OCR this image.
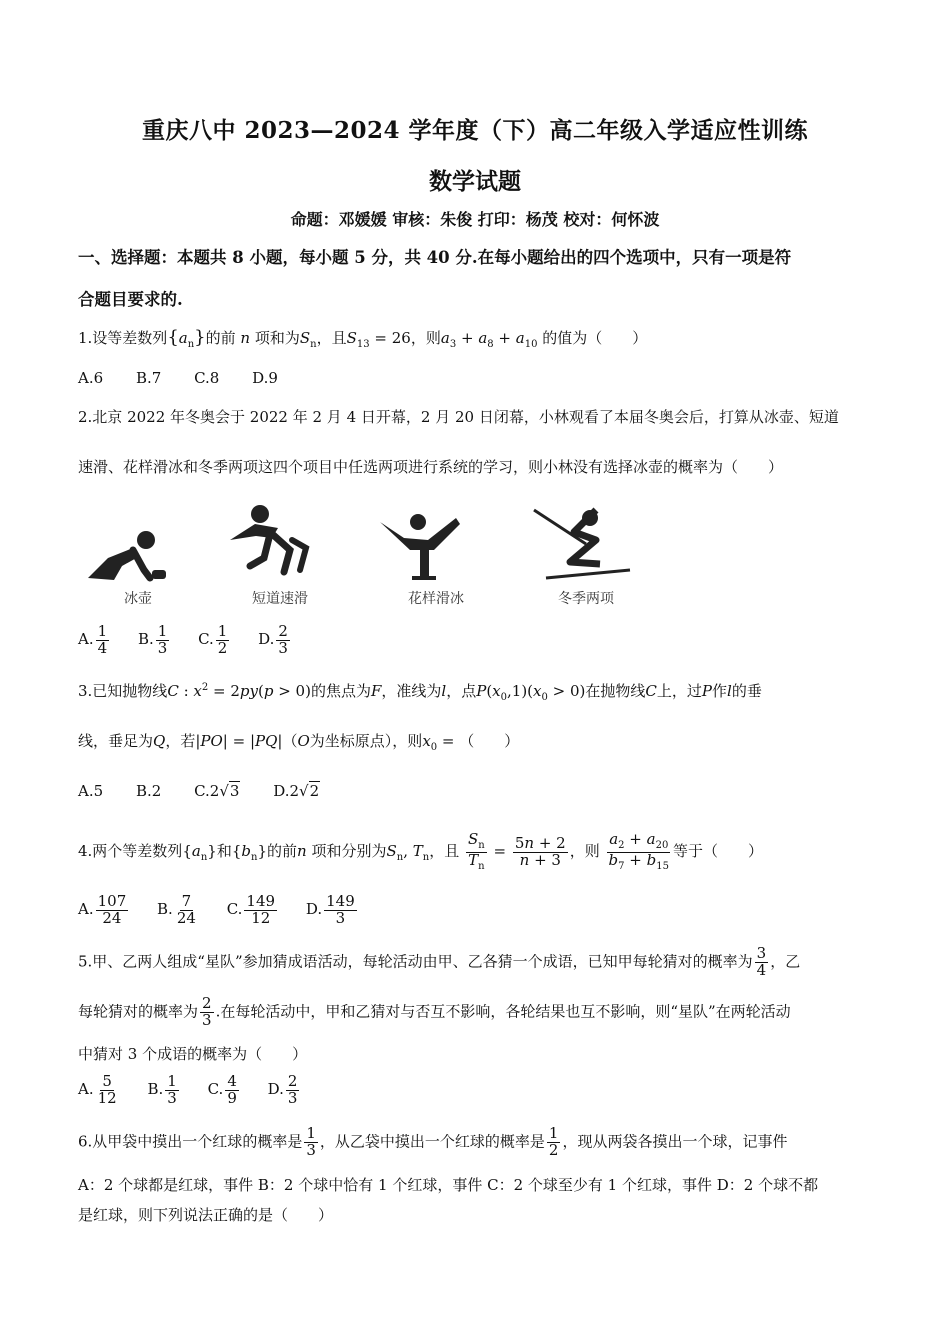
重庆八中 2023—2024 学年度（下）高二年级入学适应性训练
数学试题
命题：邓媛媛 审核：朱俊 打印：杨茂 校对：何怀波
一、选择题：本题共 8 小题，每小题 5 分，共 40 分.在每小题给出的四个选项中，只有一项是符
合题目要求的.
1.设等差数列$\{a_n\}$的前 n 项和为$S_n$，且$S_{13} = 26$，则$a_3 + a_8 + a_{10}$ 的值为（　　）
A.6 B.7 C.8 D.9
2.北京 2022 年冬奥会于 2022 年 2 月 4 日开幕，2 月 20 日闭幕，小林观看了本届冬奥会后，打算从冰壶、短道
速滑、花样滑冰和冬季两项这四个项目中任选两项进行系统的学习，则小林没有选择冰壶的概率为（　　）
冰壶	短道速滑	花样滑冰	冬季两项
A. $\frac{1}{4} B$. $\frac{1}{3} C$. $\frac{1}{2} D$. $\frac{2}{3}$
3.已知抛物线C : $x^2 = 2py(p > 0)$的焦点为F，准线为l，点$P(x_0,1)(x_0 > 0)$在抛物线C上，过P作l的垂
线，垂足为Q，若|PO| = |PQ|（O为坐标原点），则$x_0$ = （　　）
A.5 B.2 C.2√3 D.2√2
4.两个等差数列$\{a_n\}$和$\{b_n\}$的前n 项和分别为$S_n$, $T_n$，且 $\frac{S_n}{T_n} = \frac{5n + 2}{n + 3}$ ，则 $\frac{a_2 + a_{20}}{b_7 + b_{15}}$ 等于（　　）
A. $\frac{107}{24} B$. $\frac{7}{24} C$. $\frac{149}{12} D$. $\frac{149}{3}$
5.甲、乙两人组成“星队”参加猜成语活动，每轮活动由甲、乙各猜一个成语，已知甲每轮猜对的概率为 $\frac{3}{4}$ ，乙
每轮猜对的概率为 $\frac{2}{3}$ .在每轮活动中，甲和乙猜对与否互不影响，各轮结果也互不影响，则“星队”在两轮活动
中猜对 3 个成语的概率为（　　）
A. $\frac{5}{12} B$. $\frac{1}{3} C$. $\frac{4}{9} D$. $\frac{2}{3}$
6.从甲袋中摸出一个红球的概率是 $\frac{1}{3}$ ，从乙袋中摸出一个红球的概率是 $\frac{1}{2}$ ，现从两袋各摸出一个球，记事件
A：2 个球都是红球，事件 B：2 个球中恰有 1 个红球，事件 C：2 个球至少有 1 个红球，事件 D：2 个球不都
是红球，则下列说法正确的是（　　）
